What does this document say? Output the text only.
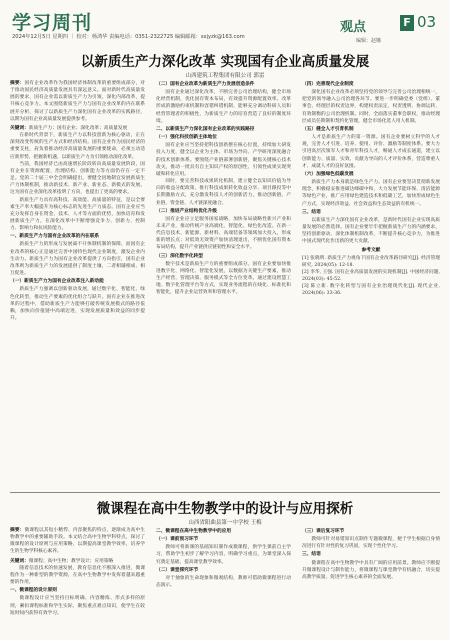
学习周刊
2024年12月5日 星期四 ｜ 校对：杨鸿华 责编电话：0351-2322725 编辑邮箱：sxjyzk@163.com
观点
编辑：赵娜
F 03
以新质生产力深化改革 实现国有企业高质量发展
山西建筑工程集团有限公司 郭雷
摘要：国有企业改革作为我国经济体制改革的重要组成部分，对于推动国民经济高质量发展具有深远意义。面对新时代高质量发展的要求，国有企业需以新质生产力为引领，深化内部改革，提升核心竞争力。本文围绕新质生产力与国有企业改革的内在联系展开分析，探讨了以新质生产力深化国有企业改革的实践路径，以期为国有企业高质量发展提供参考。
关键词：新质生产力；国有企业；深化改革；高质量发展

在新时代背景下，新质生产力以科技创新为核心驱动，正在深刻改变传统的生产方式和经济结构。国有企业作为国民经济的重要支柱，肩负着推动经济高质量发展的重要使命，必须主动适应新形势、把握新机遇，以新质生产力为引领推动深化改革。

当前，我国经济已由高速增长阶段转向高质量发展阶段，国有企业在资源配置、治理结构、创新能力等方面仍存在一定不足。党的二十届三中全会明确提出，要健全因地制宜发展新质生产力体制机制，推动新技术、新产业、新业态、新模式的发展。这为国有企业深化改革指明了方向，也提出了更高的要求。

新质生产力具有高科技、高效能、高质量的特征，是以全要素生产率大幅提升为核心标志的先进生产力质态。国有企业应当充分发挥自身在资金、技术、人才等方面的优势，加快培育和发展新质生产力，在深化改革中不断增强竞争力、创新力、控制力、影响力和抗风险能力。

一、新质生产力与国有企业改革的内在联系

新质生产力的形成与发展离不开体制机制的保障，而国有企业改革的核心正是通过完善中国特色现代企业制度，激发企业内生动力。新质生产力为国有企业改革提供了方向指引，国有企业改革则为新质生产力的发展提供了制度土壤，二者相辅相成、相互促进。

（一）新质生产力为国有企业改革注入新动能

新质生产力强调以创新驱动发展，通过数字化、智能化、绿色化转型，推动生产要素的优化组合与跃升。国有企业在推进改革的过程中，借助新质生产力能够打破传统发展模式的路径依赖，加快向价值链中高端迈进，实现发展质量和效益的同步提升。

（二）国有企业改革为新质生产力发展创造条件

国有企业通过深化改革，不断完善公司治理结构，健全市场化经营机制，优化国有资本布局，有效提升资源配置效率。改革形成的激励约束机制和容错纠错机制，能够充分调动科研人员和经营管理者的积极性，为新质生产力的培育营造了良好的制度环境。

二、以新质生产力深化国有企业改革的实践路径

（一）强化科技创新主体地位

国有企业应当坚持把科技创新摆在核心位置，持续加大研发投入力度，健全以企业为主体、市场为导向、产学研用深度融合的技术创新体系。要围绕产业链部署创新链，聚焦关键核心技术攻关，推动一批具有自主知识产权的原创性、引领性成果实现突破和转化应用。

同时，要完善科技成果转化机制，建立健全以知识价值为导向的收益分配政策，推行科技成果转化收益分享、项目跟投等中长期激励方式，充分激发科技人才的创新活力，推动创新链、产业链、资金链、人才链深度融合。

（二）推进产业结构优化升级

国有企业应立足服务国家战略，加快布局战略性新兴产业和未来产业，推动传统产业高端化、智能化、绿色化改造。在新一代信息技术、新能源、新材料、高端装备等领域加大投入，形成新的增长点；对低效无效资产加快清理退出，不断优化国有资本布局结构，提升产业链供应链韧性和安全水平。

（三）深化数字化转型

数字技术是新质生产力的重要组成部分。国有企业要加快推进数字化、网络化、智能化发展，以数据为关键生产要素，推动生产经营、管理决策、服务模式等全方位变革。通过建设智慧工地、数字化管理平台等方式，实现业务流程的在线化、标准化和智能化，提升企业运营效率和管理水平。

（四）完善现代企业制度

深化国有企业改革必须坚持党的领导与完善公司治理相统一，把党的领导融入公司治理各环节。要进一步明确党委（党组）、董事会、经理层的权责边界，构建权责法定、权责透明、协调运转、有效制衡的公司治理机制。同时，全面落实董事会职权，推动经理层成员任期制和契约化管理，健全市场化选人用人机制。

（五）健全人才引育机制

人才是新质生产力的第一资源。国有企业要树立科学的人才观，完善人才引进、培养、使用、评价、激励等制度体系。要大力引进高层次领军人才和青年科技人才，畅通人才成长通道，建立以创新能力、质量、实效、贡献为导向的人才评价体系，营造尊重人才、成就人才的良好氛围。

（六）加强绿色低碳发展

新质生产力本身就是绿色生产力。国有企业要坚决贯彻新发展理念，积极稳妥推进碳达峰碳中和，大力发展节能环保、清洁能源等绿色产业，推广应用绿色建造技术和低碳工艺，加快形成绿色生产方式，实现经济效益、社会效益和生态效益的有机统一。

三、结语

以新质生产力深化国有企业改革，是新时代国有企业实现高质量发展的必然选择。国有企业要牢牢把握新质生产力的内涵要求，坚持创新驱动、深化体制机制改革，不断提升核心竞争力，为推进中国式现代化作出新的更大贡献。

参考文献
[1] 张晓明. 新质生产力视角下国有企业改革路径研究[J]. 经济管理研究, 2024(05): 12-18.
[2] 李华, 王强. 国有企业高质量发展的实现机制[J]. 中国经济问题, 2024(03): 45-52.
[3] 陈立新. 数字化转型与国有企业治理现代化[J]. 现代企业, 2024(06): 33-36.
微课程在高中生物教学中的设计与应用探析
山西省阳曲县第一中学校 王梅
摘要：微课程以其短小精悍、内容聚焦的特点，逐渐成为高中生物教学中的重要辅助手段。本文结合高中生物学科特点，探讨了微课程的设计原则与应用策略，以期提高课堂教学效率，培养学生的生物学科核心素养。
关键词：微课程；高中生物；教学设计；应用策略

随着信息技术的快速发展，教育信息化不断深入推进，微课程作为一种新型的教学资源，在高中生物教学中发挥着越来越重要的作用。

一、微课程的设计原则

微课程设计应当坚持目标明确、内容精炼、形式多样的原则，紧扣课程标准和学生实际，聚焦重点难点知识，使学生在较短时间内获得有效学习。

二、微课程在高中生物教学中的应用

（一）课前预习环节

教师可将新课的基础知识制作成微课程，供学生课前自主学习，帮助学生初步了解学习内容，明确学习重点，为课堂深入探究奠定基础，提高课堂教学效率。

（二）课堂探究环节

对于抽象的生命现象和微观结构，教师可借助微课程进行动态演示。

（三）课后复习环节

教师可针对易错知识点制作专题微课程，便于学生根据自身情况进行有针对性的复习巩固，实现个性化学习。

三、结语

微课程在高中生物教学中具有广阔的应用前景。教师应不断提升微课程设计与制作能力，将微课程与课堂教学有机融合，切实提高教学质量，促进学生核心素养的全面发展。
